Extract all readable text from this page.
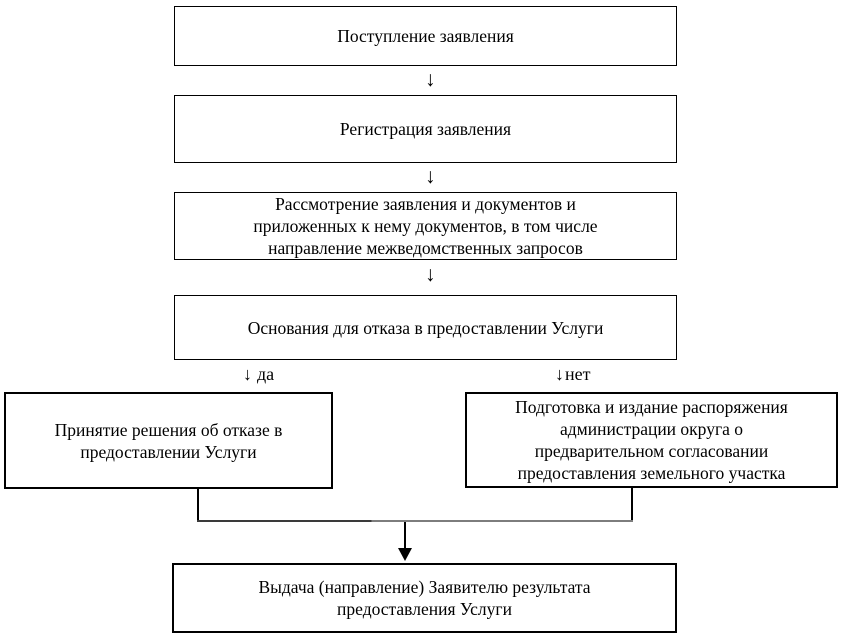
Поступление заявления
↓
Регистрация заявления
↓
Рассмотрение заявления и документов и
приложенных к нему документов, в том числе
направление межведомственных запросов
↓
Основания для отказа в предоставлении Услуги
↓ да	↓нет
Принятие решения об отказе в
предоставлении Услуги
Подготовка и издание распоряжения
администрации округа о
предварительном согласовании
предоставления земельного участка
Выдача (направление) Заявителю результата
предоставления Услуги
